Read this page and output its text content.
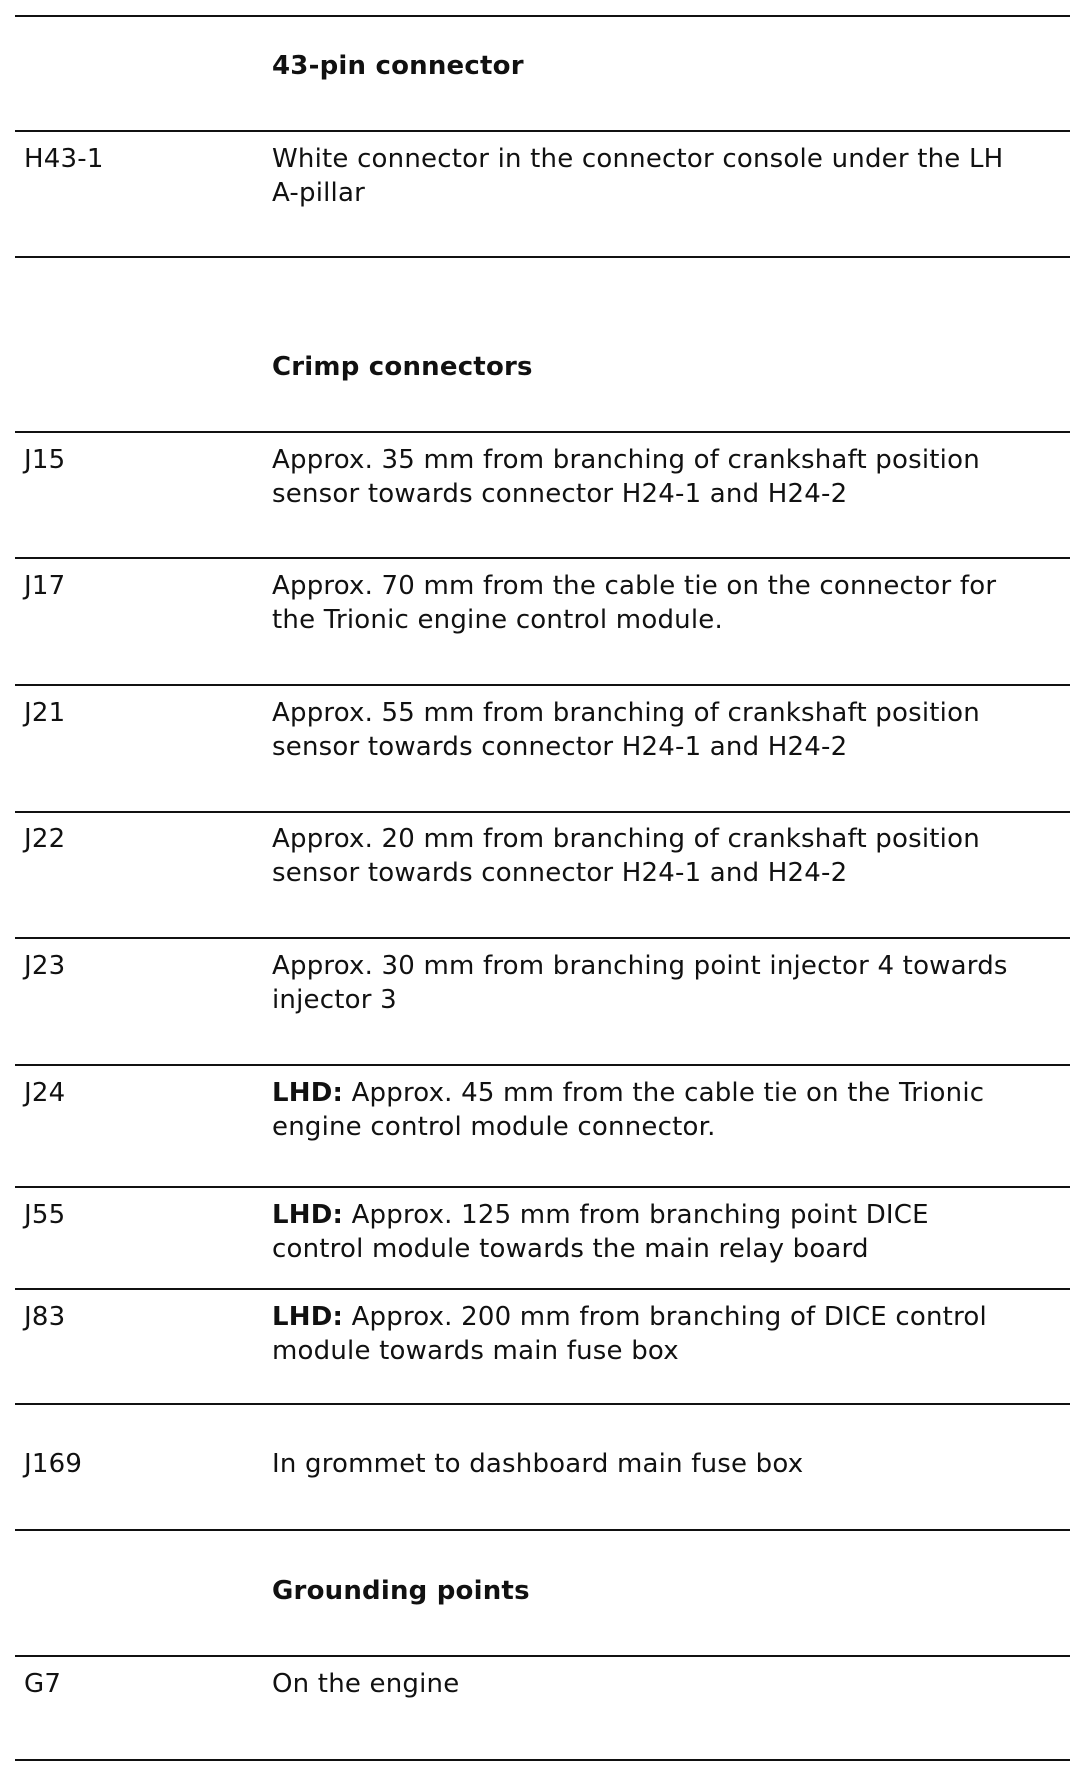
43-pin connector
H43-1	White connector in the connector console under the LH
A-pillar
Crimp connectors
J15	Approx. 35 mm from branching of crankshaft position
sensor towards connector H24-1 and H24-2
J17	Approx. 70 mm from the cable tie on the connector for
the Trionic engine control module.
J21	Approx. 55 mm from branching of crankshaft position
sensor towards connector H24-1 and H24-2
J22	Approx. 20 mm from branching of crankshaft position
sensor towards connector H24-1 and H24-2
J23	Approx. 30 mm from branching point injector 4 towards
injector 3
J24	LHD: Approx. 45 mm from the cable tie on the Trionic
engine control module connector.
J55	LHD: Approx. 125 mm from branching point DICE
control module towards the main relay board
J83	LHD: Approx. 200 mm from branching of DICE control
module towards main fuse box
J169	In grommet to dashboard main fuse box
Grounding points
G7	On the engine
